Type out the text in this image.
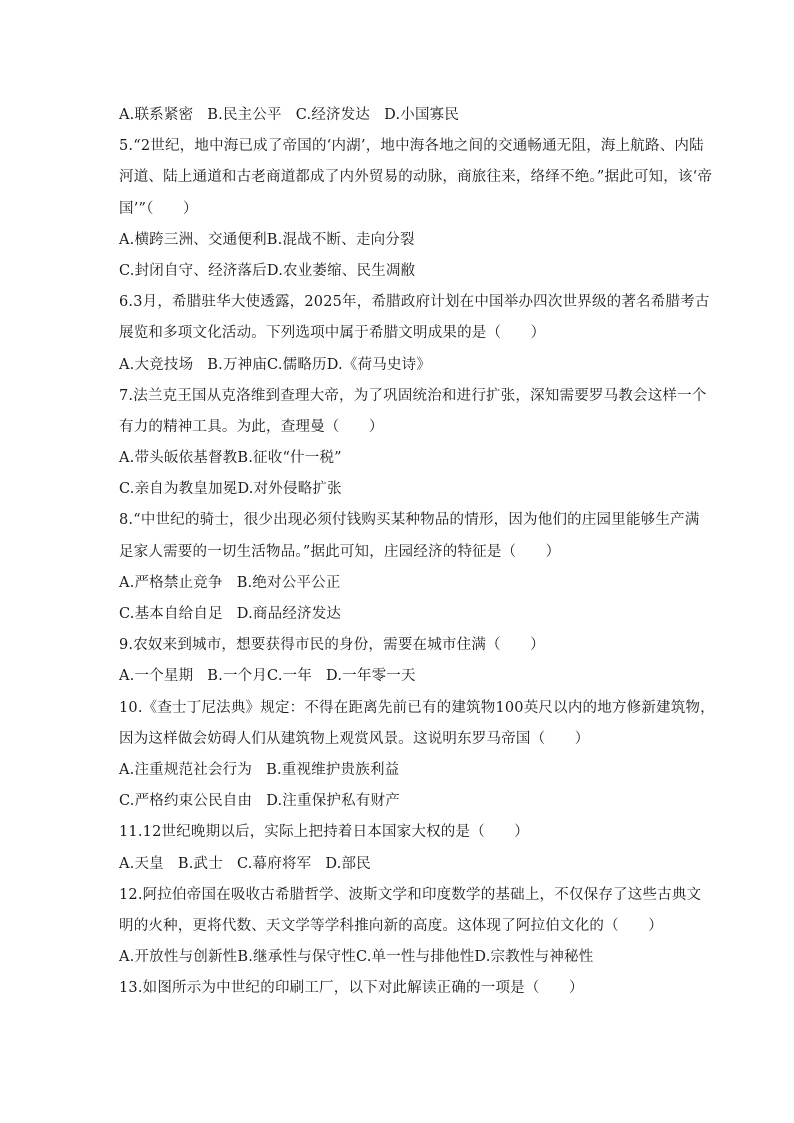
A.联系紧密 B.民主公平 C.经济发达 D.小国寡民
5.“2世纪，地中海已成了帝国的‘内湖’，地中海各地之间的交通畅通无阻，海上航路、内陆
河道、陆上通道和古老商道都成了内外贸易的动脉，商旅往来，络绎不绝。”据此可知，该‘帝
国’”（　　）
A.横跨三洲、交通便利B.混战不断、走向分裂
C.封闭自守、经济落后D.农业萎缩、民生凋敝
6.3月，希腊驻华大使透露，2025年，希腊政府计划在中国举办四次世界级的著名希腊考古
展览和多项文化活动。下列选项中属于希腊文明成果的是（　　）
A.大竞技场 B.万神庙C.儒略历D.《荷马史诗》
7.法兰克王国从克洛维到查理大帝，为了巩固统治和进行扩张，深知需要罗马教会这样一个
有力的精神工具。为此，查理曼（　　）
A.带头皈依基督教B.征收“什一税”
C.亲自为教皇加冕D.对外侵略扩张
8.“中世纪的骑士，很少出现必须付钱购买某种物品的情形，因为他们的庄园里能够生产满
足家人需要的一切生活物品。”据此可知，庄园经济的特征是（　　）
A.严格禁止竞争 B.绝对公平公正
C.基本自给自足 D.商品经济发达
9.农奴来到城市，想要获得市民的身份，需要在城市住满（　　）
A.一个星期 B.一个月C.一年 D.一年零一天
10.《查士丁尼法典》规定：不得在距离先前已有的建筑物100英尺以内的地方修新建筑物，
因为这样做会妨碍人们从建筑物上观赏风景。这说明东罗马帝国（　　）
A.注重规范社会行为 B.重视维护贵族利益
C.严格约束公民自由 D.注重保护私有财产
11.12世纪晚期以后，实际上把持着日本国家大权的是（　　）
A.天皇 B.武士 C.幕府将军 D.部民
12.阿拉伯帝国在吸收古希腊哲学、波斯文学和印度数学的基础上，不仅保存了这些古典文
明的火种，更将代数、天文学等学科推向新的高度。这体现了阿拉伯文化的（　　）
A.开放性与创新性B.继承性与保守性C.单一性与排他性D.宗教性与神秘性
13.如图所示为中世纪的印刷工厂，以下对此解读正确的一项是（　　）
